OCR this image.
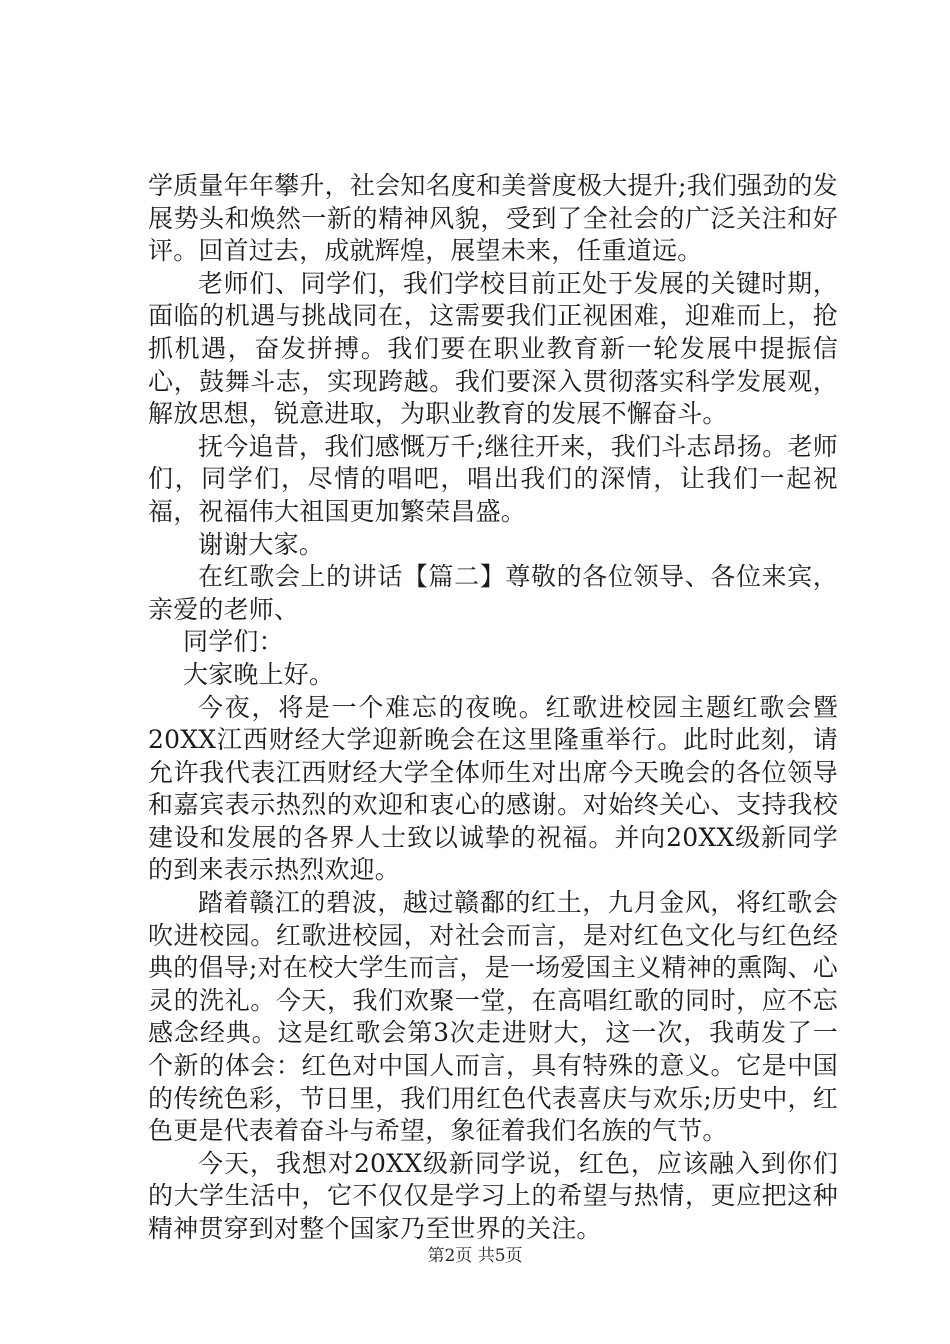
学质量年年攀升，社会知名度和美誉度极大提升;我们强劲的发展势头和焕然一新的精神风貌，受到了全社会的广泛关注和好评。回首过去，成就辉煌，展望未来，任重道远。

老师们、同学们，我们学校目前正处于发展的关键时期，面临的机遇与挑战同在，这需要我们正视困难，迎难而上，抢抓机遇，奋发拼搏。我们要在职业教育新一轮发展中提振信心，鼓舞斗志，实现跨越。我们要深入贯彻落实科学发展观，解放思想，锐意进取，为职业教育的发展不懈奋斗。

抚今追昔，我们感慨万千;继往开来，我们斗志昂扬。老师们，同学们，尽情的唱吧，唱出我们的深情，让我们一起祝福，祝福伟大祖国更加繁荣昌盛。

谢谢大家。

在红歌会上的讲话【篇二】尊敬的各位领导、各位来宾，亲爱的老师、

同学们：

大家晚上好。

今夜，将是一个难忘的夜晚。红歌进校园主题红歌会暨20XX江西财经大学迎新晚会在这里隆重举行。此时此刻，请允许我代表江西财经大学全体师生对出席今天晚会的各位领导和嘉宾表示热烈的欢迎和衷心的感谢。对始终关心、支持我校建设和发展的各界人士致以诚挚的祝福。并向20XX级新同学的到来表示热烈欢迎。

踏着赣江的碧波，越过赣鄱的红土，九月金风，将红歌会吹进校园。红歌进校园，对社会而言，是对红色文化与红色经典的倡导;对在校大学生而言，是一场爱国主义精神的熏陶、心灵的洗礼。今天，我们欢聚一堂，在高唱红歌的同时，应不忘感念经典。这是红歌会第3次走进财大，这一次，我萌发了一个新的体会：红色对中国人而言，具有特殊的意义。它是中国的传统色彩，节日里，我们用红色代表喜庆与欢乐;历史中，红色更是代表着奋斗与希望，象征着我们名族的气节。

今天，我想对20XX级新同学说，红色，应该融入到你们的大学生活中，它不仅仅是学习上的希望与热情，更应把这种精神贯穿到对整个国家乃至世界的关注。

第2页 共5页
